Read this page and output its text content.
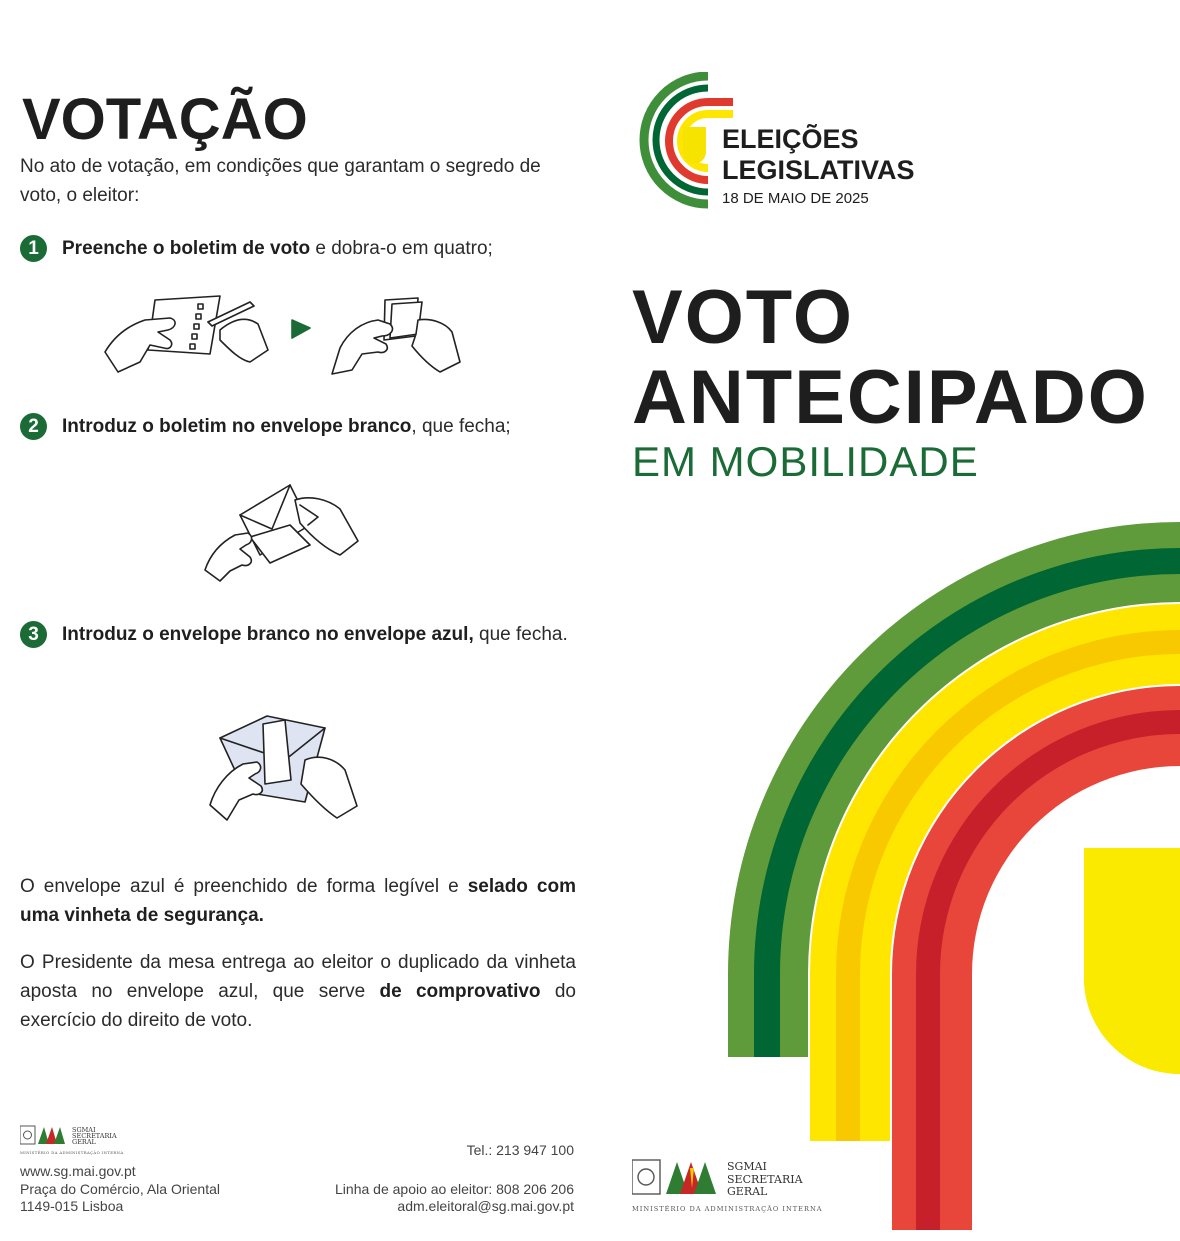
VOTAÇÃO
No ato de votação, em condições que garantam o segredo de voto, o eleitor:
1	Preenche o boletim de voto e dobra-o em quatro;
2	Introduz o boletim no envelope branco, que fecha;
3	Introduz o envelope branco no envelope azul, que fecha.
O envelope azul é preenchido de forma legível e selado com uma vinheta de segurança.
O Presidente da mesa entrega ao eleitor o duplicado da vinheta aposta no envelope azul, que serve de comprovativo do exercício do direito de voto.
SGMAI
SECRETARIA
GERAL
MINISTÉRIO DA ADMINISTRAÇÃO INTERNA
www.sg.mai.gov.pt
Praça do Comércio, Ala Oriental
1149-015 Lisboa
Tel.: 213 947 100
Linha de apoio ao eleitor: 808 206 206
adm.eleitoral@sg.mai.gov.pt
ELEIÇÕES
LEGISLATIVAS
18 DE MAIO DE 2025
VOTO
ANTECIPADO
EM MOBILIDADE
SGMAI
SECRETARIA
GERAL
MINISTÉRIO DA ADMINISTRAÇÃO INTERNA
